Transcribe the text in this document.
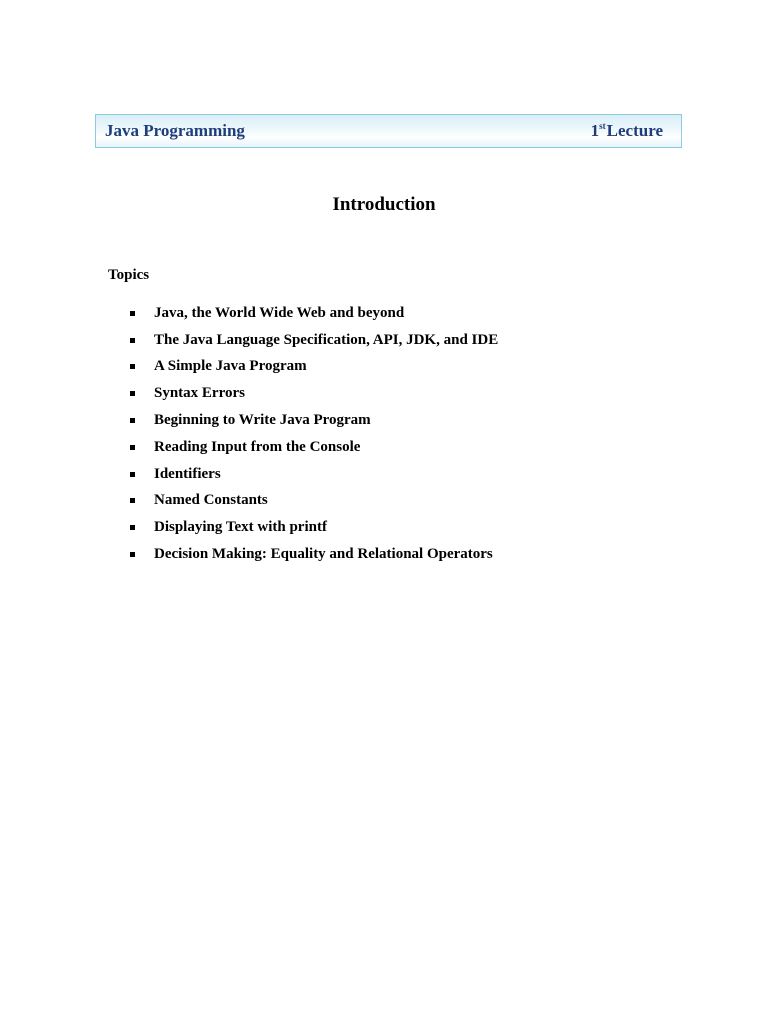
Java Programming	1stLecture
Introduction
Topics
Java, the World Wide Web and beyond
The Java Language Specification, API, JDK, and IDE
A Simple Java Program
Syntax Errors
Beginning to Write Java Program
Reading Input from the Console
Identifiers
Named Constants
Displaying Text with printf
Decision Making: Equality and Relational Operators
